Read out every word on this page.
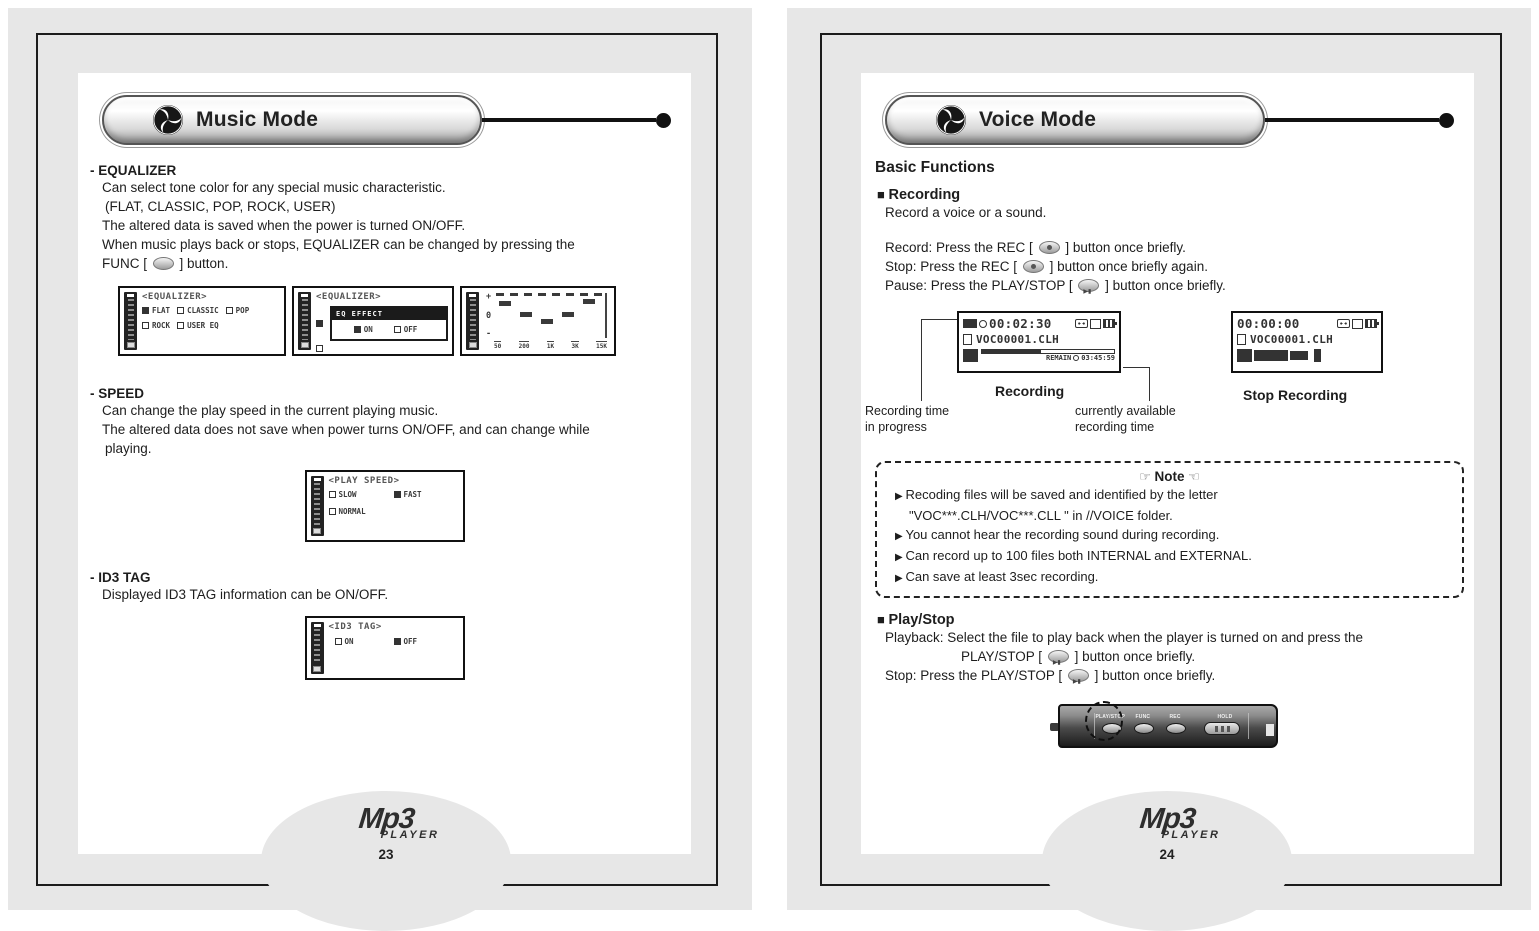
Music Mode
- EQUALIZER
Can select tone color for any special music characteristic.
(FLAT, CLASSIC, POP, ROCK, USER)
The altered data is saved when the power is turned ON/OFF.
When music plays back or stops, EQUALIZER can be changed by pressing the
FUNC [ ] button.
<EQUALIZER>
FLAT CLASSIC POP
ROCK USER EQ
<EQUALIZER>
EQ EFFECT
ON	OFF
+
0
-
50	200	1K	3K	15K
- SPEED
Can change the play speed in the current playing music.
The altered data does not save when power turns ON/OFF, and can change while
playing.
<PLAY SPEED>
SLOW	FAST
NORMAL
- ID3 TAG
Displayed ID3 TAG information can be ON/OFF.
<ID3 TAG>
ON	OFF
Mp3
PLAYER
23
Voice Mode
Basic Functions
■ Recording
Record a voice or a sound.
Record: Press the REC [ ] button once briefly.
Stop: Press the REC [ ] button once briefly again.
Pause: Press the PLAY/STOP [ ▶▮ ] button once briefly.
00:02:30
VOC00001.CLH
REMAIN 03:45:59
Recording
Recording time
in progress
currently available
recording time
00:00:00
VOC00001.CLH
Stop Recording
☞ Note ☜
▶ Recoding files will be saved and identified by the letter
"VOC***.CLH/VOC***.CLL " in //VOICE folder.
▶ You cannot hear the recording sound during recording.
▶ Can record up to 100 files both INTERNAL and EXTERNAL.
▶ Can save at least 3sec recording.
■ Play/Stop
Playback: Select the file to play back when the player is turned on and press the
PLAY/STOP [ ▶▮ ] button once briefly.
Stop: Press the PLAY/STOP [ ▶▮ ] button once briefly.
PLAY/STOP FUNC	REC	HOLD
Mp3
PLAYER
24
